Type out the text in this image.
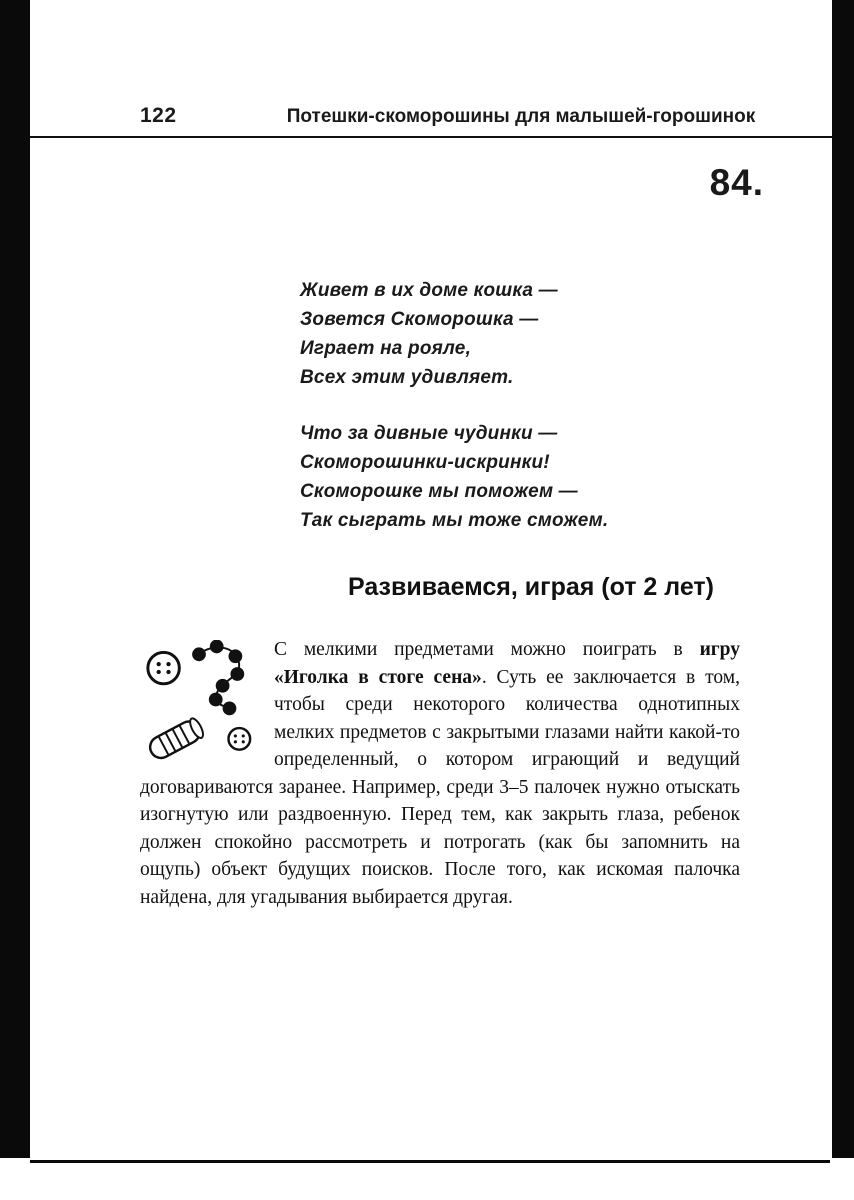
122	Потешки-скоморошины для малышей-горошинок
84.
Живет в их доме кошка —
Зовется Скоморошка —
Играет на рояле,
Всех этим удивляет.
Что за дивные чудинки —
Скоморошинки-искринки!
Скоморошке мы поможем —
Так сыграть мы тоже сможем.
Развиваемся, играя (от 2 лет)
С мелкими предметами можно поиграть в игру «Иголка в стоге сена». Суть ее заключается в том, чтобы среди некоторого количества однотипных мелких предметов с закрытыми глазами найти какой-то определенный, о котором играющий и ведущий договариваются заранее. Например, среди 3–5 палочек нужно отыскать изогнутую или раздвоенную. Перед тем, как закрыть глаза, ребенок должен спокойно рассмотреть и потрогать (как бы запомнить на ощупь) объект будущих поисков. После того, как искомая палочка найдена, для угадывания выбирается другая.
